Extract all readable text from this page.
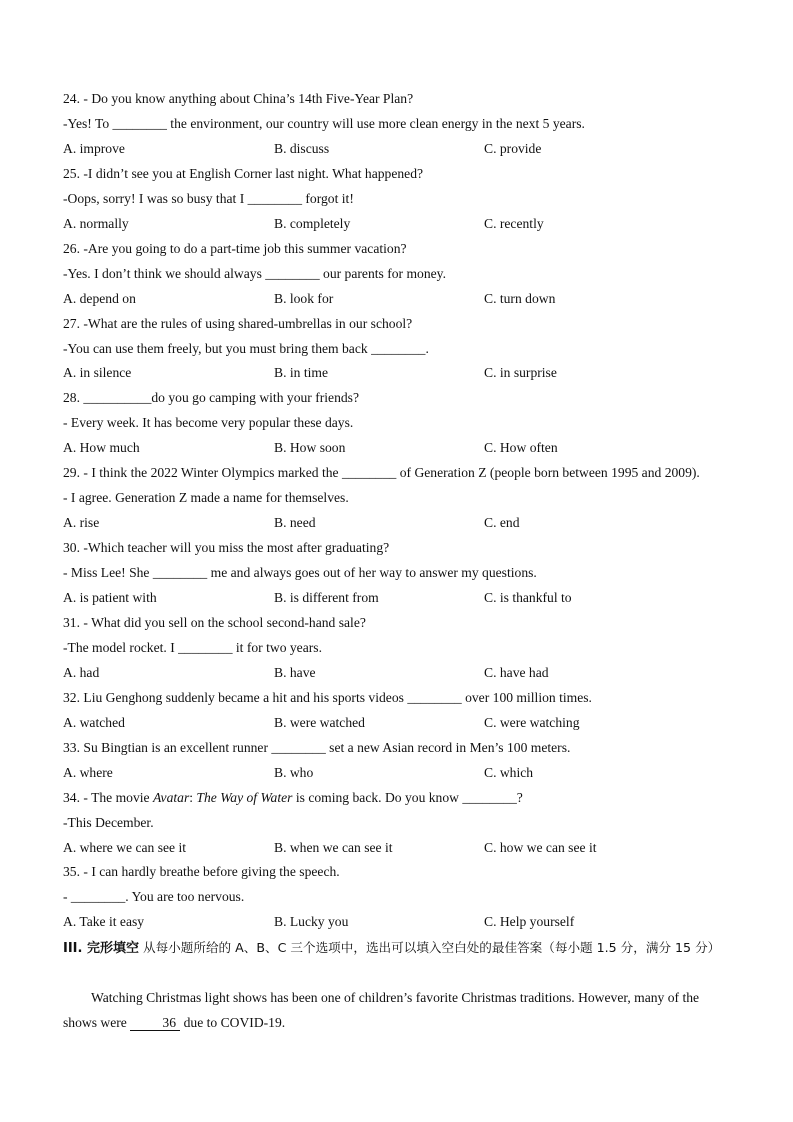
24. - Do you know anything about China’s 14th Five-Year Plan?
-Yes! To ________ the environment, our country will use more clean energy in the next 5 years.
A. improve	B. discuss	C. provide
25. -I didn’t see you at English Corner last night. What happened?
-Oops, sorry! I was so busy that I ________ forgot it!
A. normally	B. completely	C. recently
26. -Are you going to do a part-time job this summer vacation?
-Yes. I don’t think we should always ________ our parents for money.
A. depend on	B. look for	C. turn down
27. -What are the rules of using shared-umbrellas in our school?
-You can use them freely, but you must bring them back ________.
A. in silence	B. in time	C. in surprise
28. __________do you go camping with your friends?
- Every week. It has become very popular these days.
A. How much	B. How soon	C. How often
29. - I think the 2022 Winter Olympics marked the ________ of Generation Z (people born between 1995 and 2009).
- I agree. Generation Z made a name for themselves.
A. rise	B. need	C. end
30. -Which teacher will you miss the most after graduating?
- Miss Lee! She ________ me and always goes out of her way to answer my questions.
A. is patient with	B. is different from	C. is thankful to
31. - What did you sell on the school second-hand sale?
-The model rocket. I ________ it for two years.
A. had	B. have	C. have had
32. Liu Genghong suddenly became a hit and his sports videos ________ over 100 million times.
A. watched	B. were watched	C. were watching
33. Su Bingtian is an excellent runner ________ set a new Asian record in Men’s 100 meters.
A. where	B. who	C. which
34. - The movie Avatar: The Way of Water is coming back. Do you know ________?
-This December.
A. where we can see it	B. when we can see it	C. how we can see it
35. - I can hardly breathe before giving the speech.
- ________. You are too nervous.
A. Take it easy	B. Lucky you	C. Help yourself
III. 完形填空 从每小题所给的 A、B、C 三个选项中，选出可以填入空白处的最佳答案（每小题 1.5 分，满分 15 分）
Watching Christmas light shows has been one of children’s favorite Christmas traditions. However, many of the shows were 36 due to COVID-19.
